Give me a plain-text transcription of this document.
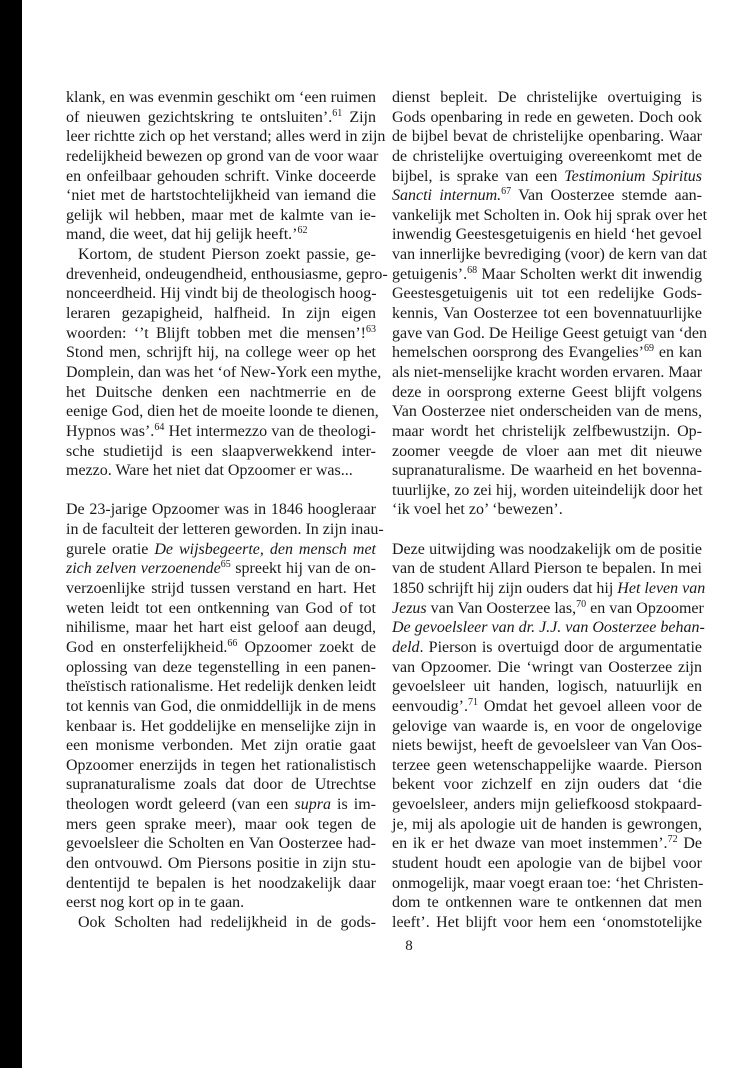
klank, en was evenmin geschikt om ‘een ruimen
of nieuwen gezichtskring te ontsluiten’.$^{61}$ Zijn
leer richtte zich op het verstand; alles werd in zijn
redelijkheid bewezen op grond van de voor waar
en onfeilbaar gehouden schrift. Vinke doceerde
‘niet met de hartstochtelijkheid van iemand die
gelijk wil hebben, maar met de kalmte van ie-
mand, die weet, dat hij gelijk heeft.’$^{62}$
Kortom, de student Pierson zoekt passie, ge-
drevenheid, ondeugendheid, enthousiasme, gepro-
nonceerdheid. Hij vindt bij de theologisch hoog-
leraren gezapigheid, halfheid. In zijn eigen
woorden: ‘’t Blijft tobben met die mensen’!$^{63}$
Stond men, schrijft hij, na college weer op het
Domplein, dan was het ‘of New-York een mythe,
het Duitsche denken een nachtmerrie en de
eenige God, dien het de moeite loonde te dienen,
Hypnos was’.$^{64}$ Het intermezzo van de theologi-
sche studietijd is een slaapverwekkend inter-
mezzo. Ware het niet dat Opzoomer er was...
De 23-jarige Opzoomer was in 1846 hoogleraar
in de faculteit der letteren geworden. In zijn inau-
gurele oratie De wijsbegeerte, den mensch met
zich zelven verzoenende$^{65}$ spreekt hij van de on-
verzoenlijke strijd tussen verstand en hart. Het
weten leidt tot een ontkenning van God of tot
nihilisme, maar het hart eist geloof aan deugd,
God en onsterfelijkheid.$^{66}$ Opzoomer zoekt de
oplossing van deze tegenstelling in een panen-
theïstisch rationalisme. Het redelijk denken leidt
tot kennis van God, die onmiddellijk in de mens
kenbaar is. Het goddelijke en menselijke zijn in
een monisme verbonden. Met zijn oratie gaat
Opzoomer enerzijds in tegen het rationalistisch
supranaturalisme zoals dat door de Utrechtse
theologen wordt geleerd (van een supra is im-
mers geen sprake meer), maar ook tegen de
gevoelsleer die Scholten en Van Oosterzee had-
den ontvouwd. Om Piersons positie in zijn stu-
dententijd te bepalen is het noodzakelijk daar
eerst nog kort op in te gaan.
Ook Scholten had redelijkheid in de gods-
dienst bepleit. De christelijke overtuiging is
Gods openbaring in rede en geweten. Doch ook
de bijbel bevat de christelijke openbaring. Waar
de christelijke overtuiging overeenkomt met de
bijbel, is sprake van een Testimonium Spiritus
Sancti internum.$^{67}$ Van Oosterzee stemde aan-
vankelijk met Scholten in. Ook hij sprak over het
inwendig Geestesgetuigenis en hield ‘het gevoel
van innerlijke bevrediging (voor) de kern van dat
getuigenis’.$^{68}$ Maar Scholten werkt dit inwendig
Geestesgetuigenis uit tot een redelijke Gods-
kennis, Van Oosterzee tot een bovennatuurlijke
gave van God. De Heilige Geest getuigt van ‘den
hemelschen oorsprong des Evangelies’$^{69}$ en kan
als niet-menselijke kracht worden ervaren. Maar
deze in oorsprong externe Geest blijft volgens
Van Oosterzee niet onderscheiden van de mens,
maar wordt het christelijk zelfbewustzijn. Op-
zoomer veegde de vloer aan met dit nieuwe
supranaturalisme. De waarheid en het bovenna-
tuurlijke, zo zei hij, worden uiteindelijk door het
‘ik voel het zo’ ‘bewezen’.
Deze uitwijding was noodzakelijk om de positie
van de student Allard Pierson te bepalen. In mei
1850 schrijft hij zijn ouders dat hij Het leven van
Jezus van Van Oosterzee las,$^{70}$ en van Opzoomer
De gevoelsleer van dr. J.J. van Oosterzee behan-
deld. Pierson is overtuigd door de argumentatie
van Opzoomer. Die ‘wringt van Oosterzee zijn
gevoelsleer uit handen, logisch, natuurlijk en
eenvoudig’.$^{71}$ Omdat het gevoel alleen voor de
gelovige van waarde is, en voor de ongelovige
niets bewijst, heeft de gevoelsleer van Van Oos-
terzee geen wetenschappelijke waarde. Pierson
bekent voor zichzelf en zijn ouders dat ‘die
gevoelsleer, anders mijn geliefkoosd stokpaard-
je, mij als apologie uit de handen is gewrongen,
en ik er het dwaze van moet instemmen’.$^{72}$ De
student houdt een apologie van de bijbel voor
onmogelijk, maar voegt eraan toe: ‘het Christen-
dom te ontkennen ware te ontkennen dat men
leeft’. Het blijft voor hem een ‘onomstotelijke
8
